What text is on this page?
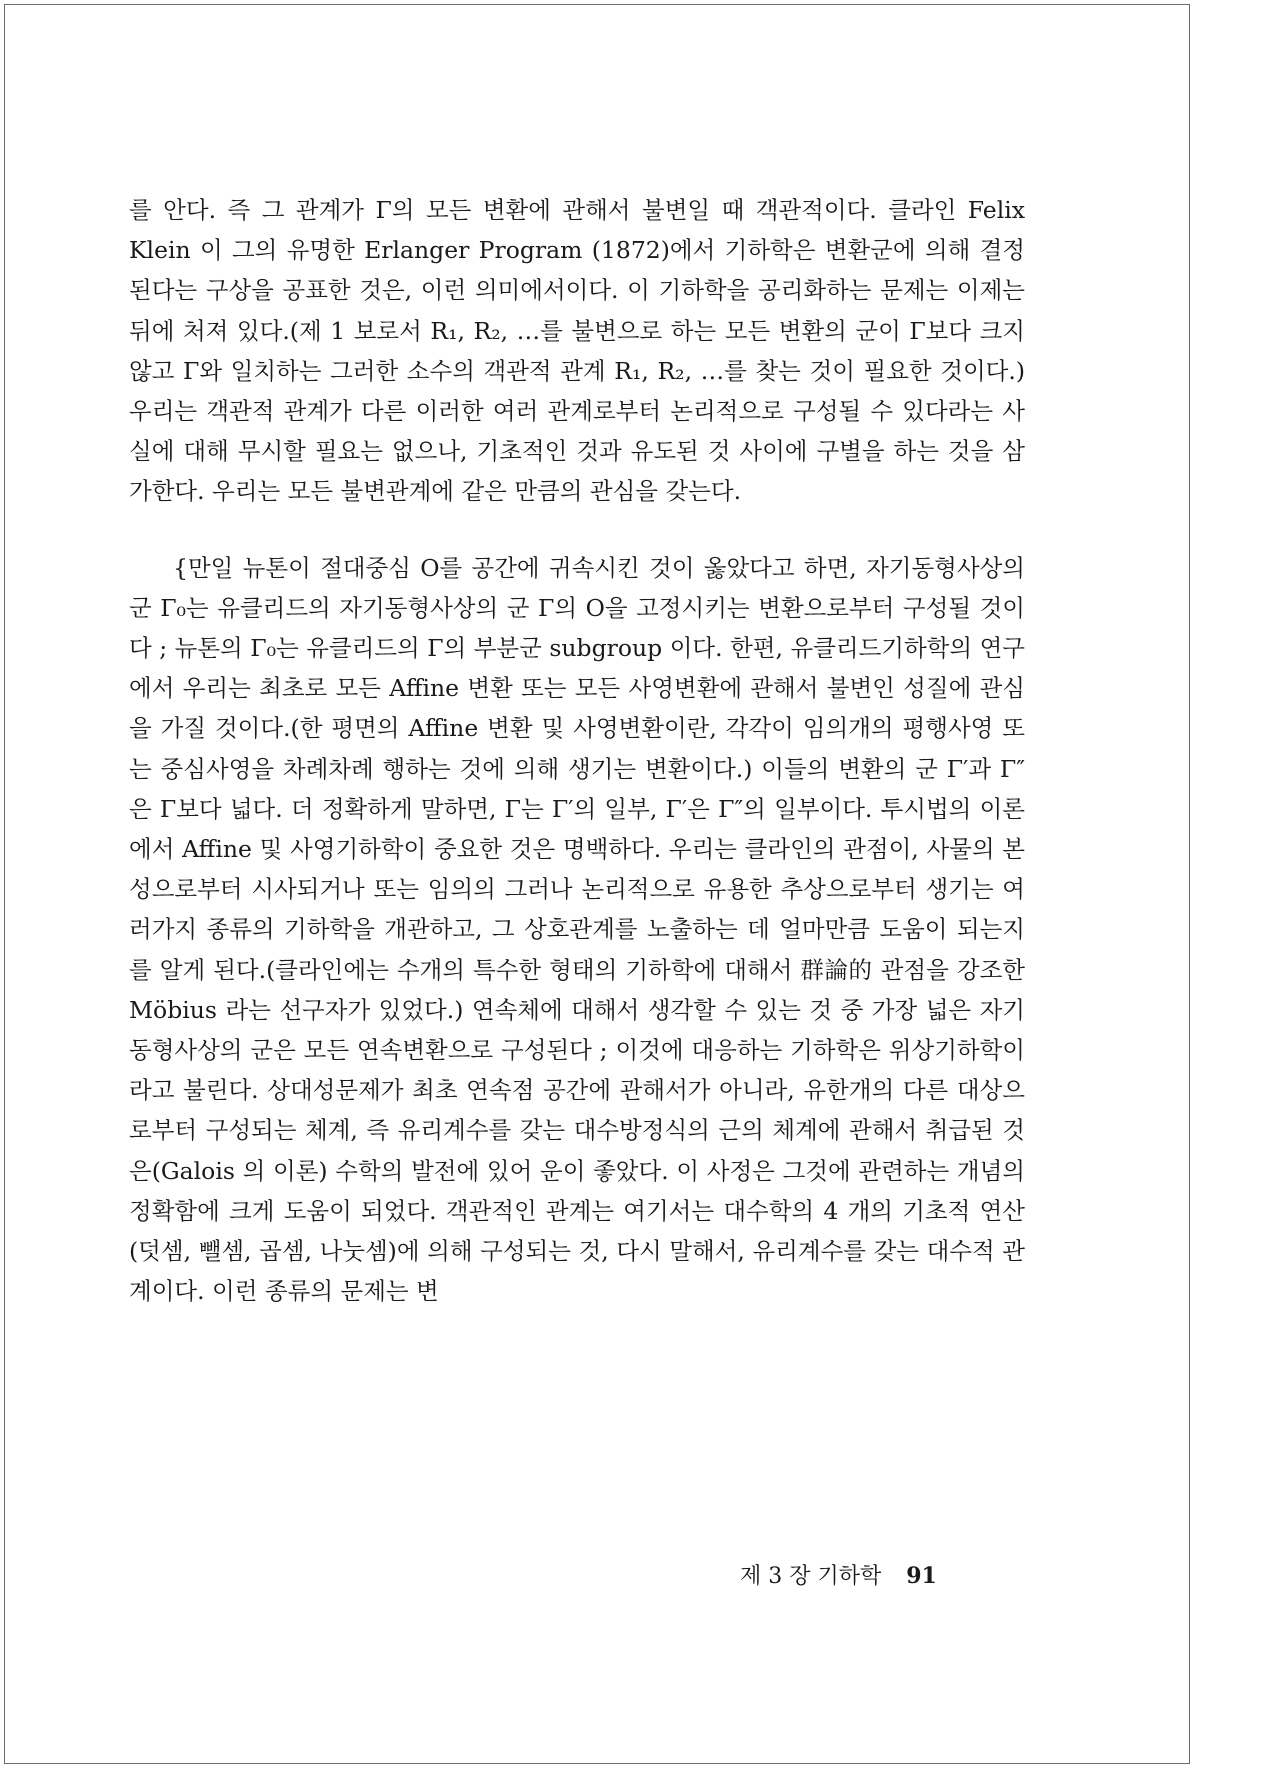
를 안다. 즉 그 관계가 Γ의 모든 변환에 관해서 불변일 때 객관적이다. 클라인 Felix Klein 이 그의 유명한 Erlanger Program (1872)에서 기하학은 변환군에 의해 결정된다는 구상을 공표한 것은, 이런 의미에서이다. 이 기하학을 공리화하는 문제는 이제는 뒤에 처져 있다.(제 1 보로서 R₁, R₂, …를 불변으로 하는 모든 변환의 군이 Γ보다 크지 않고 Γ와 일치하는 그러한 소수의 객관적 관계 R₁, R₂, …를 찾는 것이 필요한 것이다.) 우리는 객관적 관계가 다른 이러한 여러 관계로부터 논리적으로 구성될 수 있다라는 사실에 대해 무시할 필요는 없으나, 기초적인 것과 유도된 것 사이에 구별을 하는 것을 삼가한다. 우리는 모든 불변관계에 같은 만큼의 관심을 갖는다.

{만일 뉴톤이 절대중심 O를 공간에 귀속시킨 것이 옳았다고 하면, 자기동형사상의 군 Γ₀는 유클리드의 자기동형사상의 군 Γ의 O을 고정시키는 변환으로부터 구성될 것이다 ; 뉴톤의 Γ₀는 유클리드의 Γ의 부분군 subgroup 이다. 한편, 유클리드기하학의 연구에서 우리는 최초로 모든 Affine 변환 또는 모든 사영변환에 관해서 불변인 성질에 관심을 가질 것이다.(한 평면의 Affine 변환 및 사영변환이란, 각각이 임의개의 평행사영 또는 중심사영을 차례차례 행하는 것에 의해 생기는 변환이다.) 이들의 변환의 군 Γ′과 Γ″은 Γ보다 넓다. 더 정확하게 말하면, Γ는 Γ′의 일부, Γ′은 Γ″의 일부이다. 투시법의 이론에서 Affine 및 사영기하학이 중요한 것은 명백하다. 우리는 클라인의 관점이, 사물의 본성으로부터 시사되거나 또는 임의의 그러나 논리적으로 유용한 추상으로부터 생기는 여러가지 종류의 기하학을 개관하고, 그 상호관계를 노출하는 데 얼마만큼 도움이 되는지를 알게 된다.(클라인에는 수개의 특수한 형태의 기하학에 대해서 群論的 관점을 강조한 Möbius 라는 선구자가 있었다.) 연속체에 대해서 생각할 수 있는 것 중 가장 넓은 자기동형사상의 군은 모든 연속변환으로 구성된다 ; 이것에 대응하는 기하학은 위상기하학이라고 불린다. 상대성문제가 최초 연속점 공간에 관해서가 아니라, 유한개의 다른 대상으로부터 구성되는 체계, 즉 유리계수를 갖는 대수방정식의 근의 체계에 관해서 취급된 것은(Galois 의 이론) 수학의 발전에 있어 운이 좋았다. 이 사정은 그것에 관련하는 개념의 정확함에 크게 도움이 되었다. 객관적인 관계는 여기서는 대수학의 4 개의 기초적 연산(덧셈, 뺄셈, 곱셈, 나눗셈)에 의해 구성되는 것, 다시 말해서, 유리계수를 갖는 대수적 관계이다. 이런 종류의 문제는 변

제 3 장 기하학 91
